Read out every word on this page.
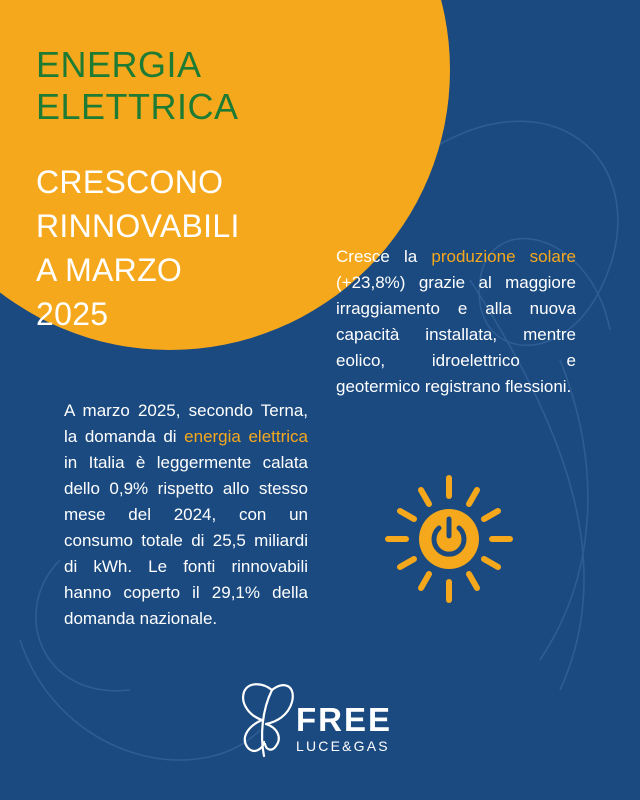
ENERGIA
ELETTRICA
CRESCONO
RINNOVABILI
A MARZO
2025
Cresce la produzione solare (+23,8%) grazie al maggiore irraggiamento e alla nuova capacità installata, mentre eolico, idroelettrico e geotermico registrano flessioni.
A marzo 2025, secondo Terna, la domanda di energia elettrica in Italia è leggermente calata dello 0,9% rispetto allo stesso mese del 2024, con un consumo totale di 25,5 miliardi di kWh. Le fonti rinnovabili hanno coperto il 29,1% della domanda nazionale.
FREE
LUCE&GAS
